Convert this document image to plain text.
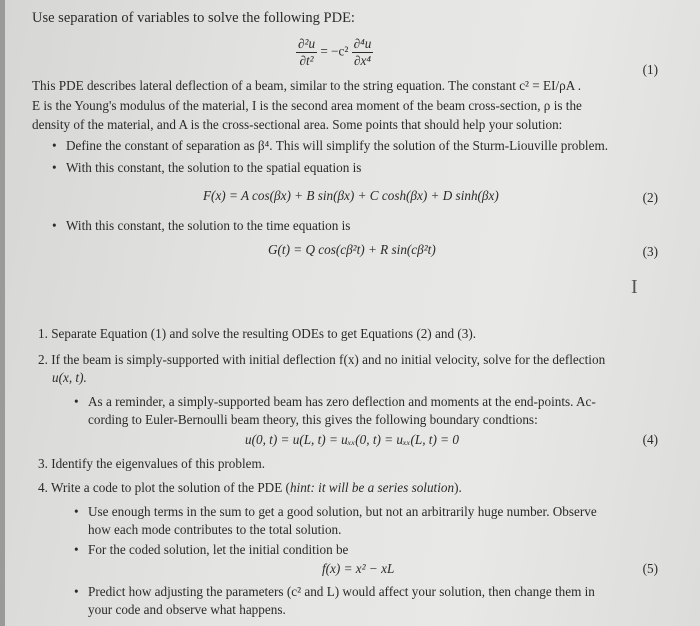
Use separation of variables to solve the following PDE:
$\frac{\text{∂²u}}{\text{∂t²}} = -c^2 \frac{\text{∂⁴u}}{\text{∂x⁴}}$
(1)
This PDE describes lateral deflection of a beam, similar to the string equation. The constant c² = EI/ρA .
E is the Young's modulus of the material, I is the second area moment of the beam cross-section, ρ is the
density of the material, and A is the cross-sectional area. Some points that should help your solution:
• Define the constant of separation as β⁴. This will simplify the solution of the Sturm-Liouville problem.
• With this constant, the solution to the spatial equation is
F(x) = A cos(βx) + B sin(βx) + C cosh(βx) + D sinh(βx)	(2)
• With this constant, the solution to the time equation is
G(t) = Q cos(cβ²t) + R sin(cβ²t)	(3)
I
1. Separate Equation (1) and solve the resulting ODEs to get Equations (2) and (3).
2. If the beam is simply-supported with initial deflection f(x) and no initial velocity, solve for the deflection
u(x, t).
• As a reminder, a simply-supported beam has zero deflection and moments at the end-points. Ac-
cording to Euler-Bernoulli beam theory, this gives the following boundary condtions:
u(0, t) = u(L, t) = uₓₓ(0, t) = uₓₓ(L, t) = 0	(4)
3. Identify the eigenvalues of this problem.
4. Write a code to plot the solution of the PDE (hint: it will be a series solution).
• Use enough terms in the sum to get a good solution, but not an arbitrarily huge number. Observe
how each mode contributes to the total solution.
• For the coded solution, let the initial condition be
f(x) = x² − xL	(5)
• Predict how adjusting the parameters (c² and L) would affect your solution, then change them in
your code and observe what happens.
